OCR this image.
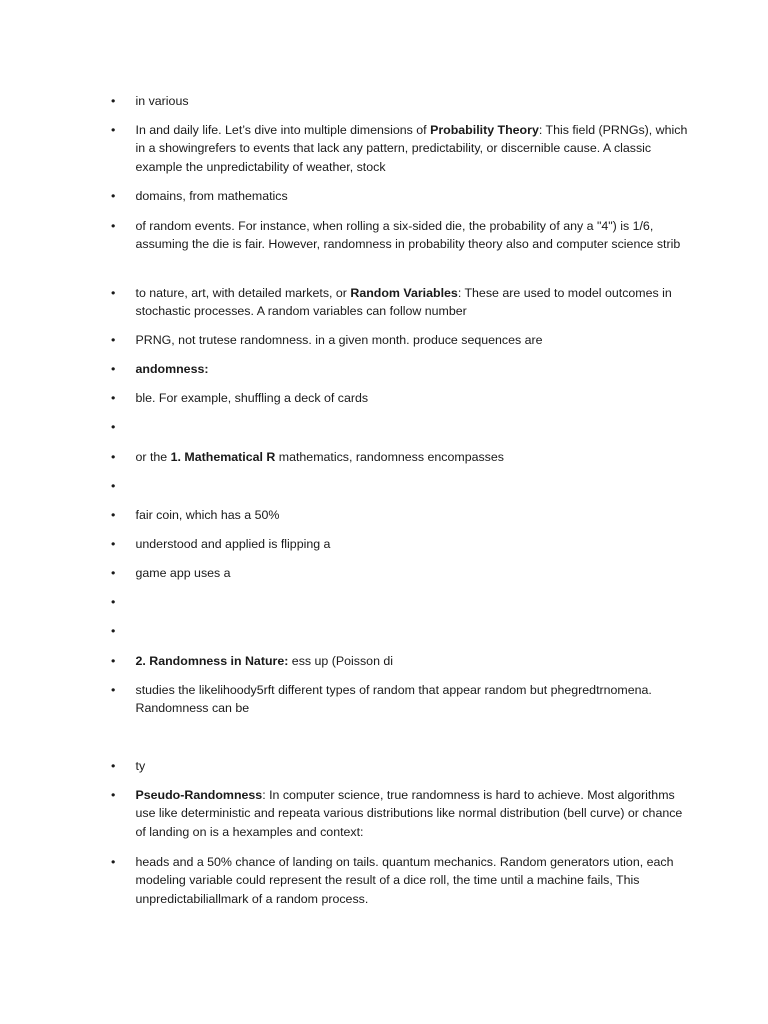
•	in various
•	In and daily life. Let’s dive into multiple dimensions of Probability Theory: This field (PRNGs), which in a showingrefers to events that lack any pattern, predictability, or discernible cause. A classic example the unpredictability of weather, stock
•	domains, from mathematics
•	of random events. For instance, when rolling a six-sided die, the probability of any a "4") is 1/6, assuming the die is fair. However, randomness in probability theory also and computer science strib
•	to nature, art, with detailed markets, or Random Variables: These are used to model outcomes in stochastic processes. A random variables can follow number
•	PRNG, not trutese randomness. in a given month. produce sequences are
•	andomness:
•	ble. For example, shuffling a deck of cards
•
•	or the 1. Mathematical R mathematics, randomness encompasses
•
•	fair coin, which has a 50%
•	understood and applied is flipping a
•	game app uses a
•
•
•	2. Randomness in Nature: ess up (Poisson di
•	studies the likelihoody5rft different types of random that appear random but phegredtrnomena. Randomness can be
•	ty
•	Pseudo-Randomness: In computer science, true randomness is hard to achieve. Most algorithms use like deterministic and repeata various distributions like normal distribution (bell curve) or chance of landing on is a hexamples and context:
•	heads and a 50% chance of landing on tails. quantum mechanics. Random generators ution, each modeling variable could represent the result of a dice roll, the time until a machine fails, This unpredictabiliallmark of a random process.
